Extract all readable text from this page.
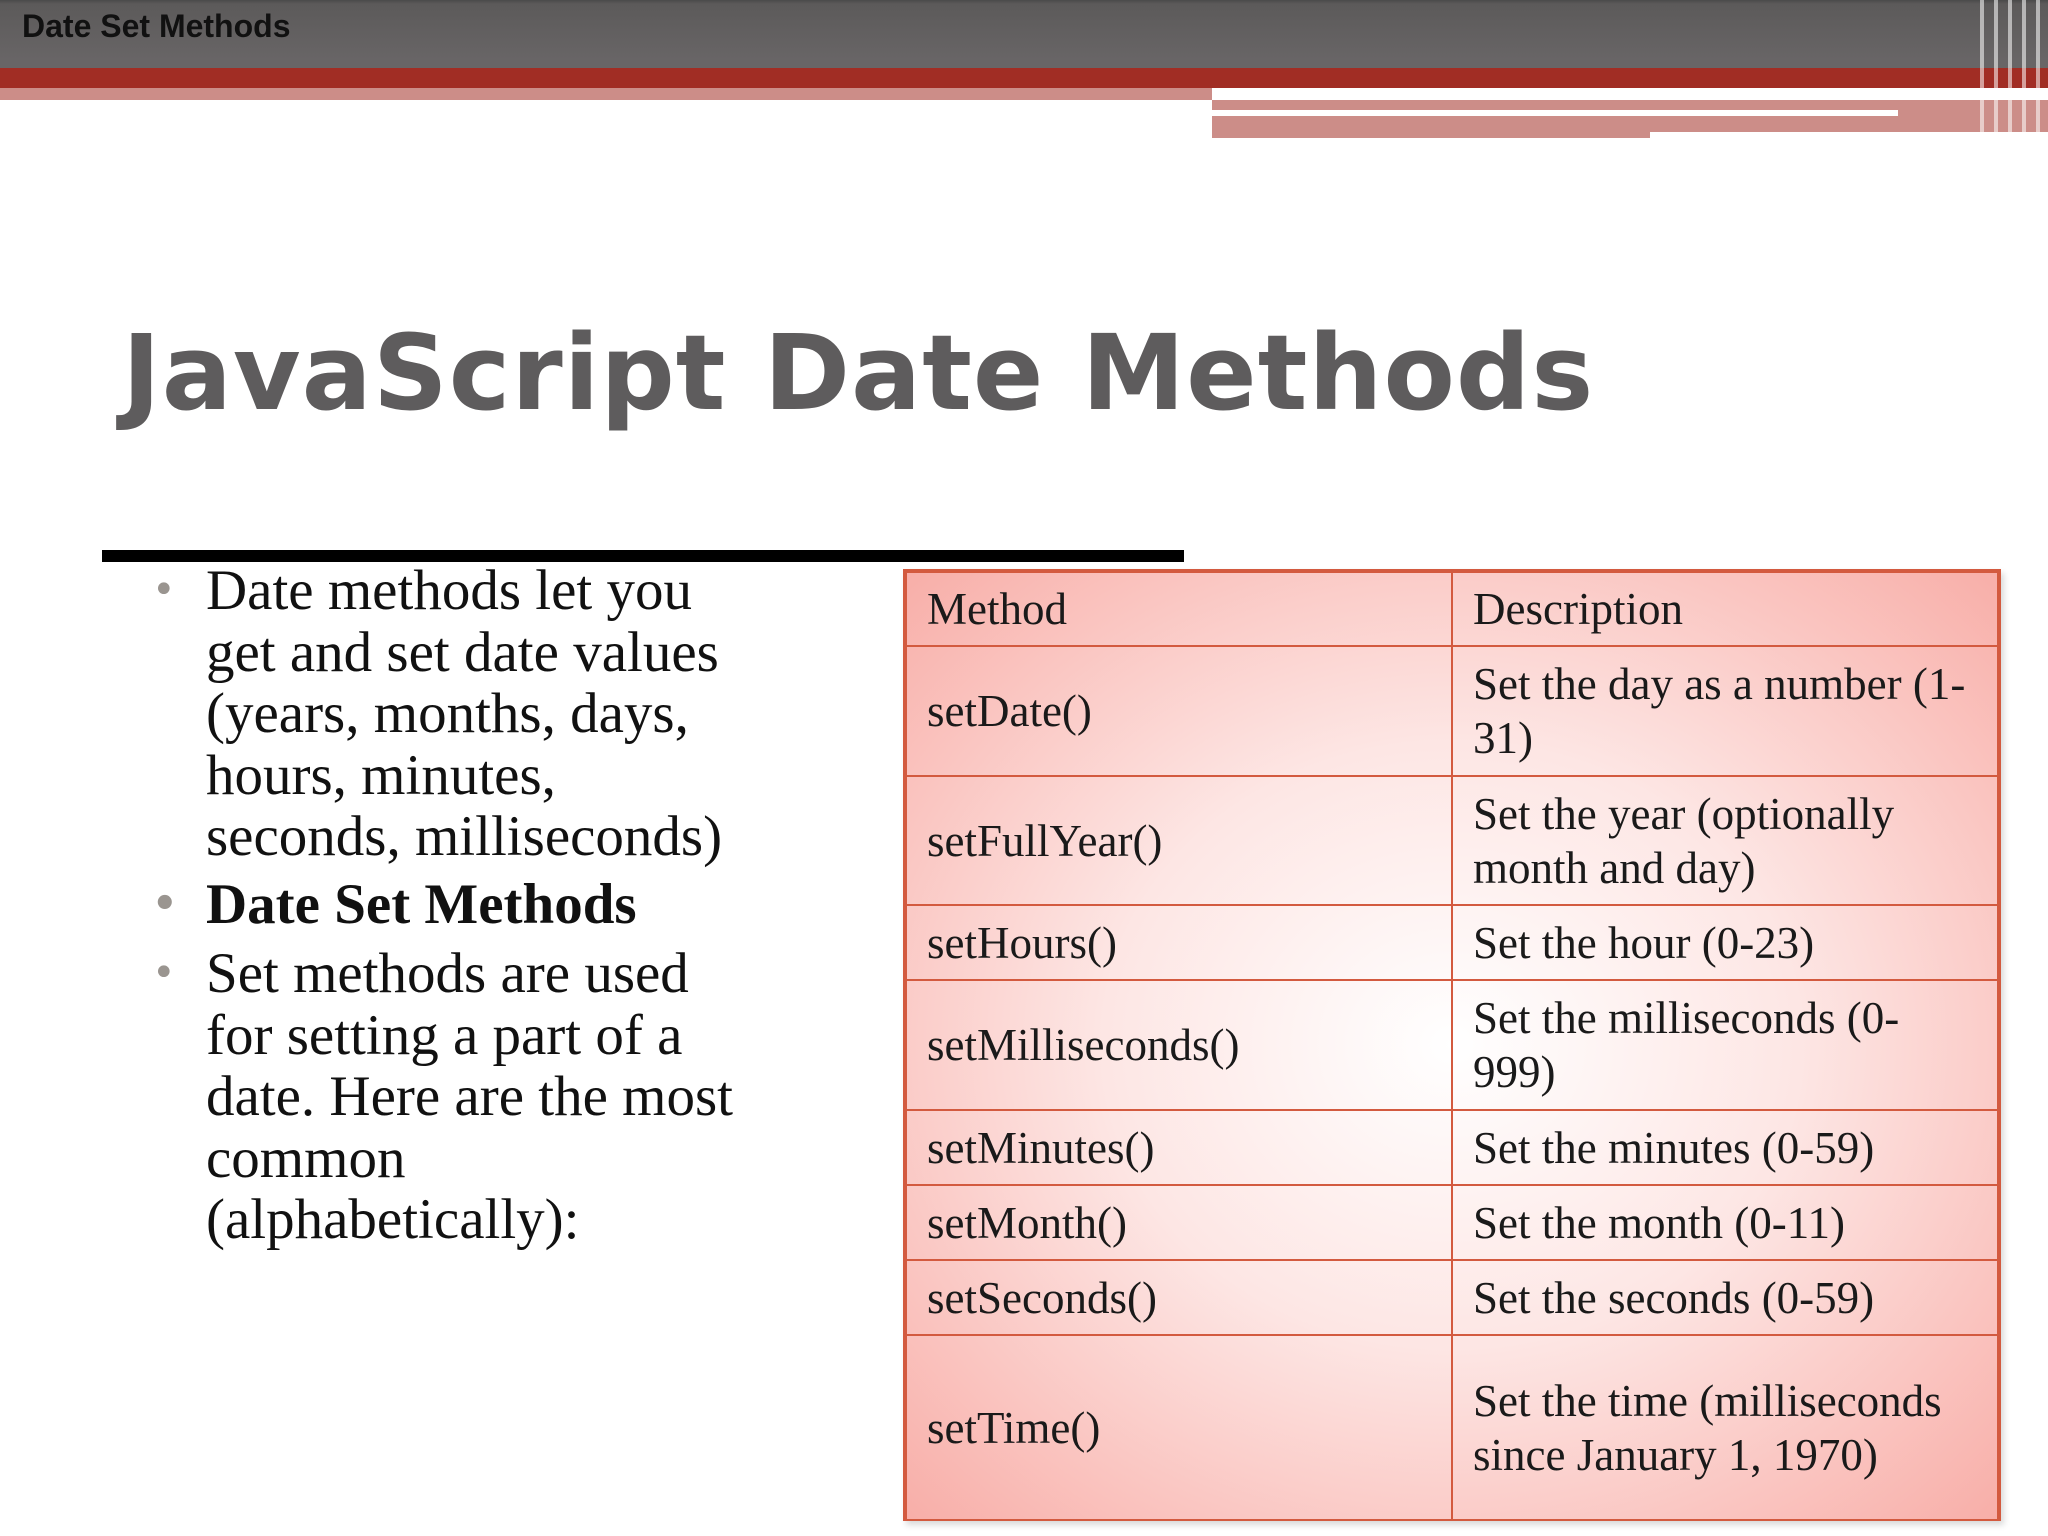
Date Set Methods
JavaScript Date Methods
• Date methods let you get and set date values (years, months, days, hours, minutes, seconds, milliseconds)
• Date Set Methods
• Set methods are used for setting a part of a date. Here are the most common (alphabetically):
Method	Description
setDate()	Set the day as a number (1-31)
setFullYear()	Set the year (optionally month and day)
setHours()	Set the hour (0-23)
setMilliseconds()	Set the milliseconds (0-999)
setMinutes()	Set the minutes (0-59)
setMonth()	Set the month (0-11)
setSeconds()	Set the seconds (0-59)
setTime()	Set the time (milliseconds since January 1, 1970)
